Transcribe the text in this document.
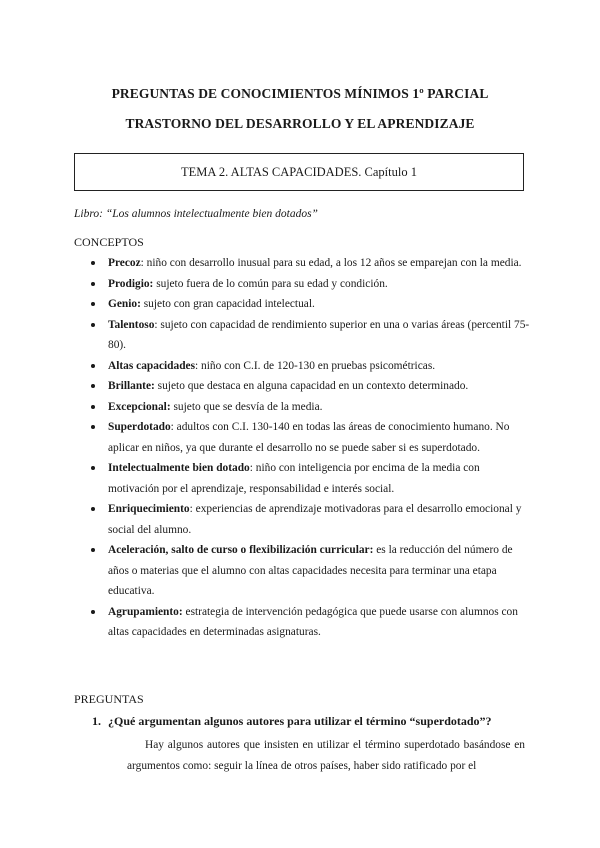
PREGUNTAS DE CONOCIMIENTOS MÍNIMOS 1º PARCIAL
TRASTORNO DEL DESARROLLO Y EL APRENDIZAJE
TEMA 2. ALTAS CAPACIDADES. Capítulo 1
Libro: “Los alumnos intelectualmente bien dotados”
CONCEPTOS
Precoz: niño con desarrollo inusual para su edad, a los 12 años se emparejan con la media.
Prodigio: sujeto fuera de lo común para su edad y condición.
Genio: sujeto con gran capacidad intelectual.
Talentoso: sujeto con capacidad de rendimiento superior en una o varias áreas (percentil 75-80).
Altas capacidades: niño con C.I. de 120-130 en pruebas psicométricas.
Brillante: sujeto que destaca en alguna capacidad en un contexto determinado.
Excepcional: sujeto que se desvía de la media.
Superdotado: adultos con C.I. 130-140 en todas las áreas de conocimiento humano. No aplicar en niños, ya que durante el desarrollo no se puede saber si es superdotado.
Intelectualmente bien dotado: niño con inteligencia por encima de la media con motivación por el aprendizaje, responsabilidad e interés social.
Enriquecimiento: experiencias de aprendizaje motivadoras para el desarrollo emocional y social del alumno.
Aceleración, salto de curso o flexibilización curricular: es la reducción del número de años o materias que el alumno con altas capacidades necesita para terminar una etapa educativa.
Agrupamiento: estrategia de intervención pedagógica que puede usarse con alumnos con altas capacidades en determinadas asignaturas.
PREGUNTAS
1. ¿Qué argumentan algunos autores para utilizar el término “superdotado”?
Hay algunos autores que insisten en utilizar el término superdotado basándose en argumentos como: seguir la línea de otros países, haber sido ratificado por el
